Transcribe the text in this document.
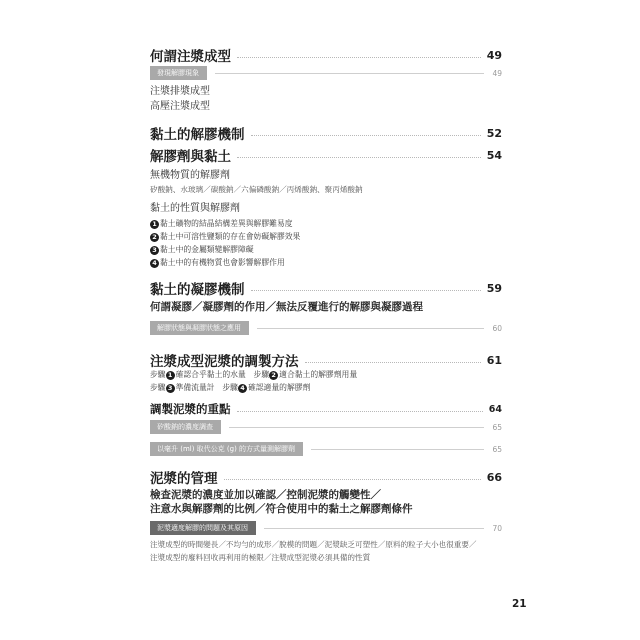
何謂注漿成型	49
發現解膠現象	49
注漿排漿成型
高壓注漿成型
黏土的解膠機制	52
解膠劑與黏土	54
無機物質的解膠劑
矽酸鈉、水玻璃／碳酸鈉／六偏磷酸鈉／丙烯酸鈉、聚丙烯酸鈉
黏土的性質與解膠劑
1 黏土礦物的結晶結構差異與解膠難易度
2 黏土中可溶性鹽類的存在會妨礙解膠效果
3 黏土中的金屬類變解膠障礙
4 黏土中的有機物質也會影響解膠作用
黏土的凝膠機制	59
何謂凝膠／凝膠劑的作用／無法反覆進行的解膠與凝膠過程
解膠狀態與凝膠狀態之應用	60
注漿成型泥漿的調製方法	61
步驟 1 確認合乎黏土的水量　步驟 2 適合黏土的解膠劑用量
步驟 3 準備流量計　步驟 4 確認適量的解膠劑
調製泥漿的重點	64
矽酸鈉的濃度調查	65
以毫升 (ml) 取代公克 (g) 的方式量測解膠劑	65
泥漿的管理	66
檢查泥漿的濃度並加以確認／控制泥漿的觸變性／
注意水與解膠劑的比例／符合使用中的黏土之解膠劑條件
泥漿適度解膠的問題及其原因	70
注漿成型的時間變長／不均勻的成形／脫模的問題／泥漿缺乏可塑性／原料的粒子大小也很重要／
注漿成型的廢料回收再利用的極限／注漿成型泥漿必須具備的性質
21
